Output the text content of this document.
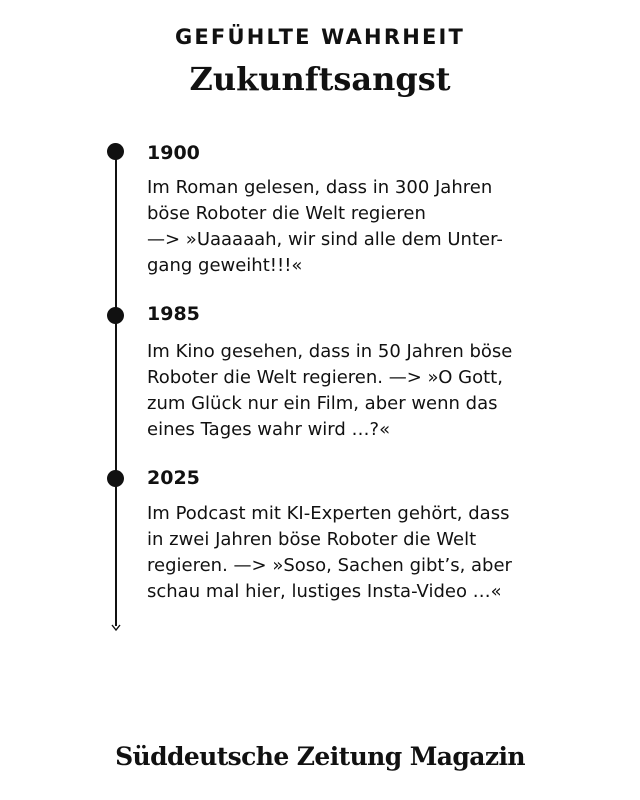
GEFÜHLTE WAHRHEIT
Zukunftsangst
1900
Im Roman gelesen, dass in 300 Jahren
böse Roboter die Welt regieren
—> »Uaaaaah, wir sind alle dem Unter-
gang geweiht!!!«
1985
Im Kino gesehen, dass in 50 Jahren böse
Roboter die Welt regieren. —> »O Gott,
zum Glück nur ein Film, aber wenn das
eines Tages wahr wird …?«
2025
Im Podcast mit KI-Experten gehört, dass
in zwei Jahren böse Roboter die Welt
regieren. —> »Soso, Sachen gibt’s, aber
schau mal hier, lustiges Insta-Video …«
Süddeutsche Zeitung Magazin
